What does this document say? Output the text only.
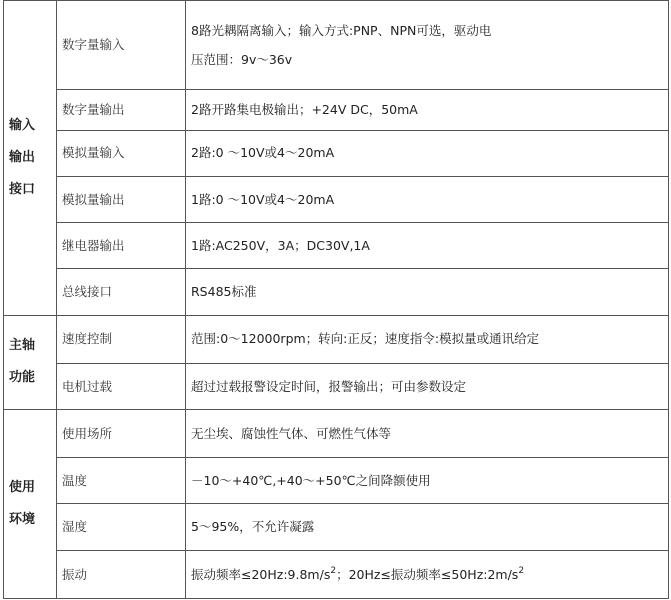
输入
输出
接口	数字量输入	8路光耦隔离输入；输入方式:PNP、NPN可选，驱动电
压范围：9v～36v

	数字量输出	2路开路集电极输出；+24V DC，50mA
	模拟量输入	2路:0 ～10V或4～20mA
	模拟量输出	1路:0 ～10V或4～20mA
	继电器输出	1路:AC250V，3A；DC30V,1A
	总线接口	RS485标准

主轴
功能	速度控制	范围:0～12000rpm；转向:正反；速度指令:模拟量或通讯给定
	电机过载	超过过载报警设定时间，报警输出；可由参数设定

使用
环境	使用场所	无尘埃、腐蚀性气体、可燃性气体等
	温度	－10～+40℃,+40～+50℃之间降额使用
	湿度	5～95%，不允许凝露
	振动	振动频率$\le 20Hz:9.8m/s^2$；20Hz≤振动频率$\le 50Hz:2m/s^2$
